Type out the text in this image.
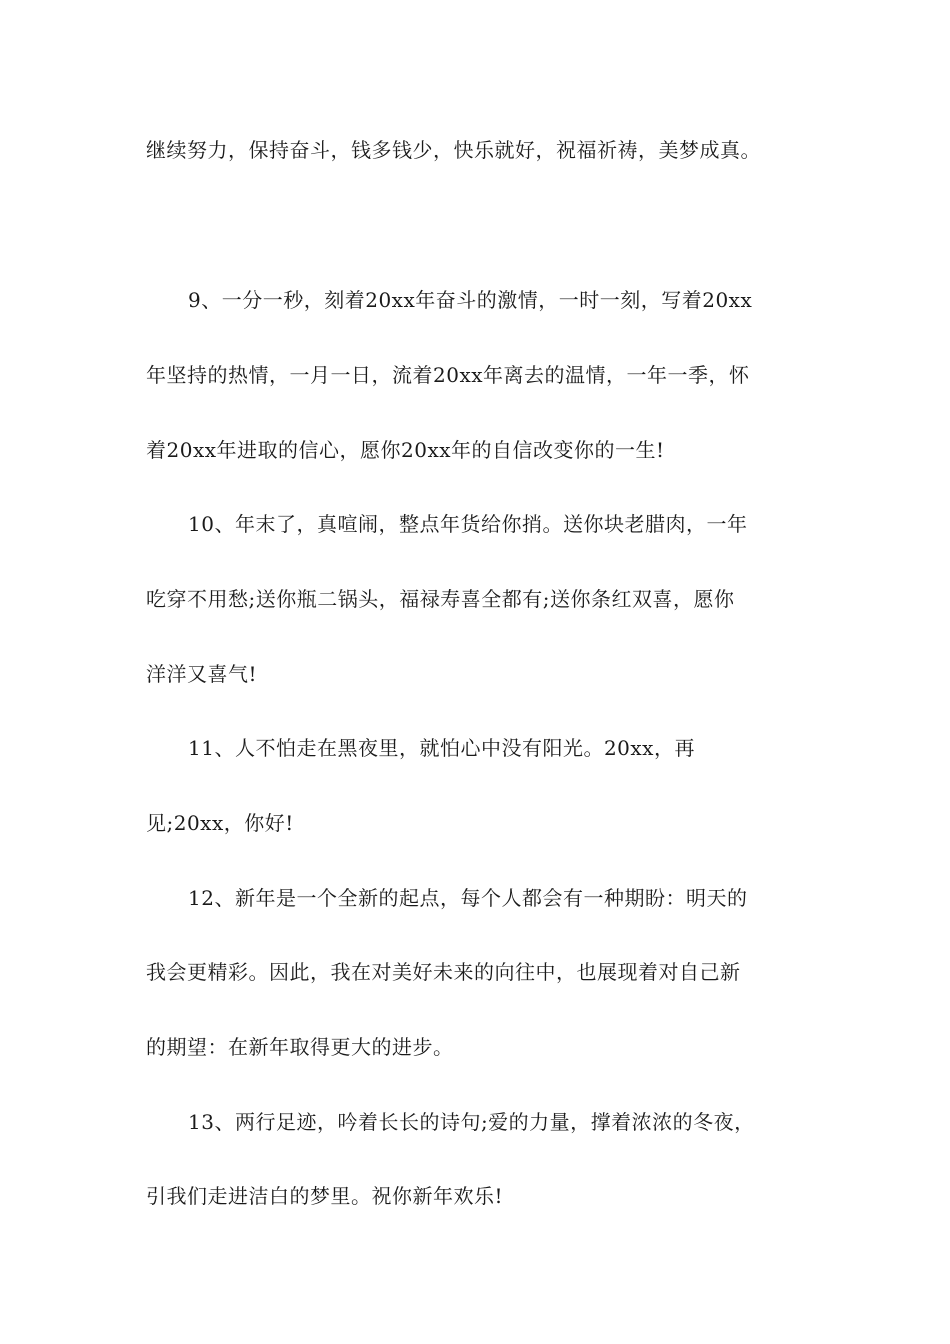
继续努力，保持奋斗，钱多钱少，快乐就好，祝福祈祷，美梦成真。
9、一分一秒，刻着20xx年奋斗的激情，一时一刻，写着20xx
年坚持的热情，一月一日，流着20xx年离去的温情，一年一季，怀
着20xx年进取的信心，愿你20xx年的自信改变你的一生!
10、年末了，真喧闹，整点年货给你捎。送你块老腊肉，一年
吃穿不用愁;送你瓶二锅头，福禄寿喜全都有;送你条红双喜，愿你
洋洋又喜气!
11、人不怕走在黑夜里，就怕心中没有阳光。20xx，再
见;20xx，你好!
12、新年是一个全新的起点，每个人都会有一种期盼：明天的
我会更精彩。因此，我在对美好未来的向往中，也展现着对自己新
的期望：在新年取得更大的进步。
13、两行足迹，吟着长长的诗句;爱的力量，撑着浓浓的冬夜，
引我们走进洁白的梦里。祝你新年欢乐!
